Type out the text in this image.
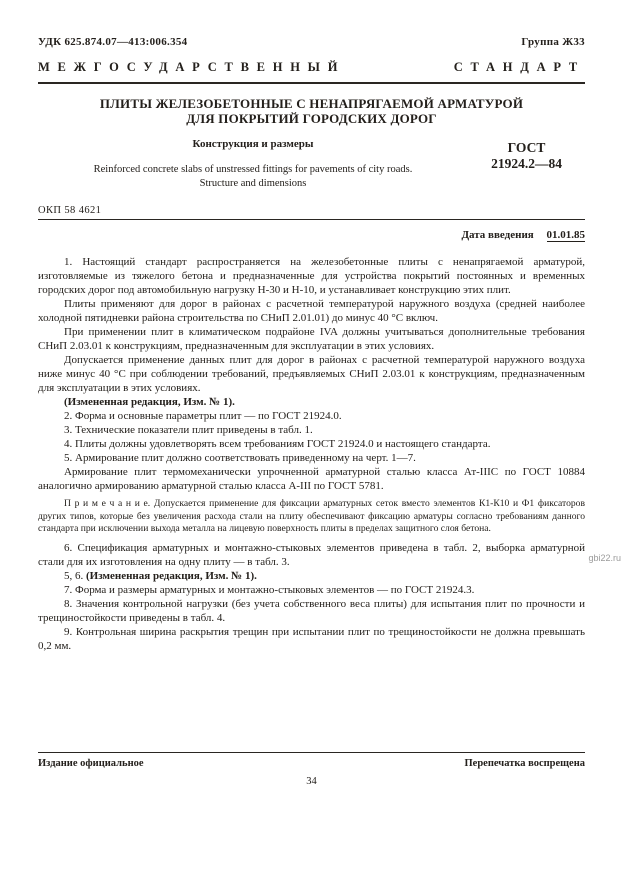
УДК 625.874.07—413:006.354	Группа Ж33
МЕЖГОСУДАРСТВЕННЫЙ	СТАНДАРТ
ПЛИТЫ ЖЕЛЕЗОБЕТОННЫЕ С НЕНАПРЯГАЕМОЙ АРМАТУРОЙ
ДЛЯ ПОКРЫТИЙ ГОРОДСКИХ ДОРОГ
Конструкция и размеры
Reinforced concrete slabs of unstressed fittings for pavements of city roads.
Structure and dimensions
ГОСТ
21924.2—84
ОКП 58 4621
Дата введения 01.01.85

1. Настоящий стандарт распространяется на железобетонные плиты с ненапрягаемой арматурой, изготовляемые из тяжелого бетона и предназначенные для устройства покрытий постоянных и временных городских дорог под автомобильную нагрузку Н-30 и Н-10, и устанавливает конструкцию этих плит.

Плиты применяют для дорог в районах с расчетной температурой наружного воздуха (средней наиболее холодной пятидневки района строительства по СНиП 2.01.01) до минус 40 °С включ.

При применении плит в климатическом подрайоне IVA должны учитываться дополнительные требования СНиП 2.03.01 к конструкциям, предназначенным для эксплуатации в этих условиях.

Допускается применение данных плит для дорог в районах с расчетной температурой наружного воздуха ниже минус 40 °С при соблюдении требований, предъявляемых СНиП 2.03.01 к конструкциям, предназначенным для эксплуатации в этих условиях.

(Измененная редакция, Изм. № 1).

2. Форма и основные параметры плит — по ГОСТ 21924.0.

3. Технические показатели плит приведены в табл. 1.

4. Плиты должны удовлетворять всем требованиям ГОСТ 21924.0 и настоящего стандарта.

5. Армирование плит должно соответствовать приведенному на черт. 1—7.

Армирование плит термомеханически упрочненной арматурной сталью класса Ат-IIIC по ГОСТ 10884 аналогично армированию арматурной сталью класса А-III по ГОСТ 5781.

П р и м е ч а н и е. Допускается применение для фиксации арматурных сеток вместо элементов К1-К10 и Ф1 фиксаторов других типов, которые без увеличения расхода стали на плиту обеспечивают фиксацию арматуры согласно требованиям данного стандарта при исключении выхода металла на лицевую поверхность плиты в пределах защитного слоя бетона.

6. Спецификация арматурных и монтажно-стыковых элементов приведена в табл. 2, выборка арматурной стали для их изготовления на одну плиту — в табл. 3.

5, 6. (Измененная редакция, Изм. № 1).

7. Форма и размеры арматурных и монтажно-стыковых элементов — по ГОСТ 21924.3.

8. Значения контрольной нагрузки (без учета собственного веса плиты) для испытания плит по прочности и трещиностойкости приведены в табл. 4.

9. Контрольная ширина раскрытия трещин при испытании плит по трещиностойкости не должна превышать 0,2 мм.

Издание официальное	Перепечатка воспрещена
34
gbi22.ru
